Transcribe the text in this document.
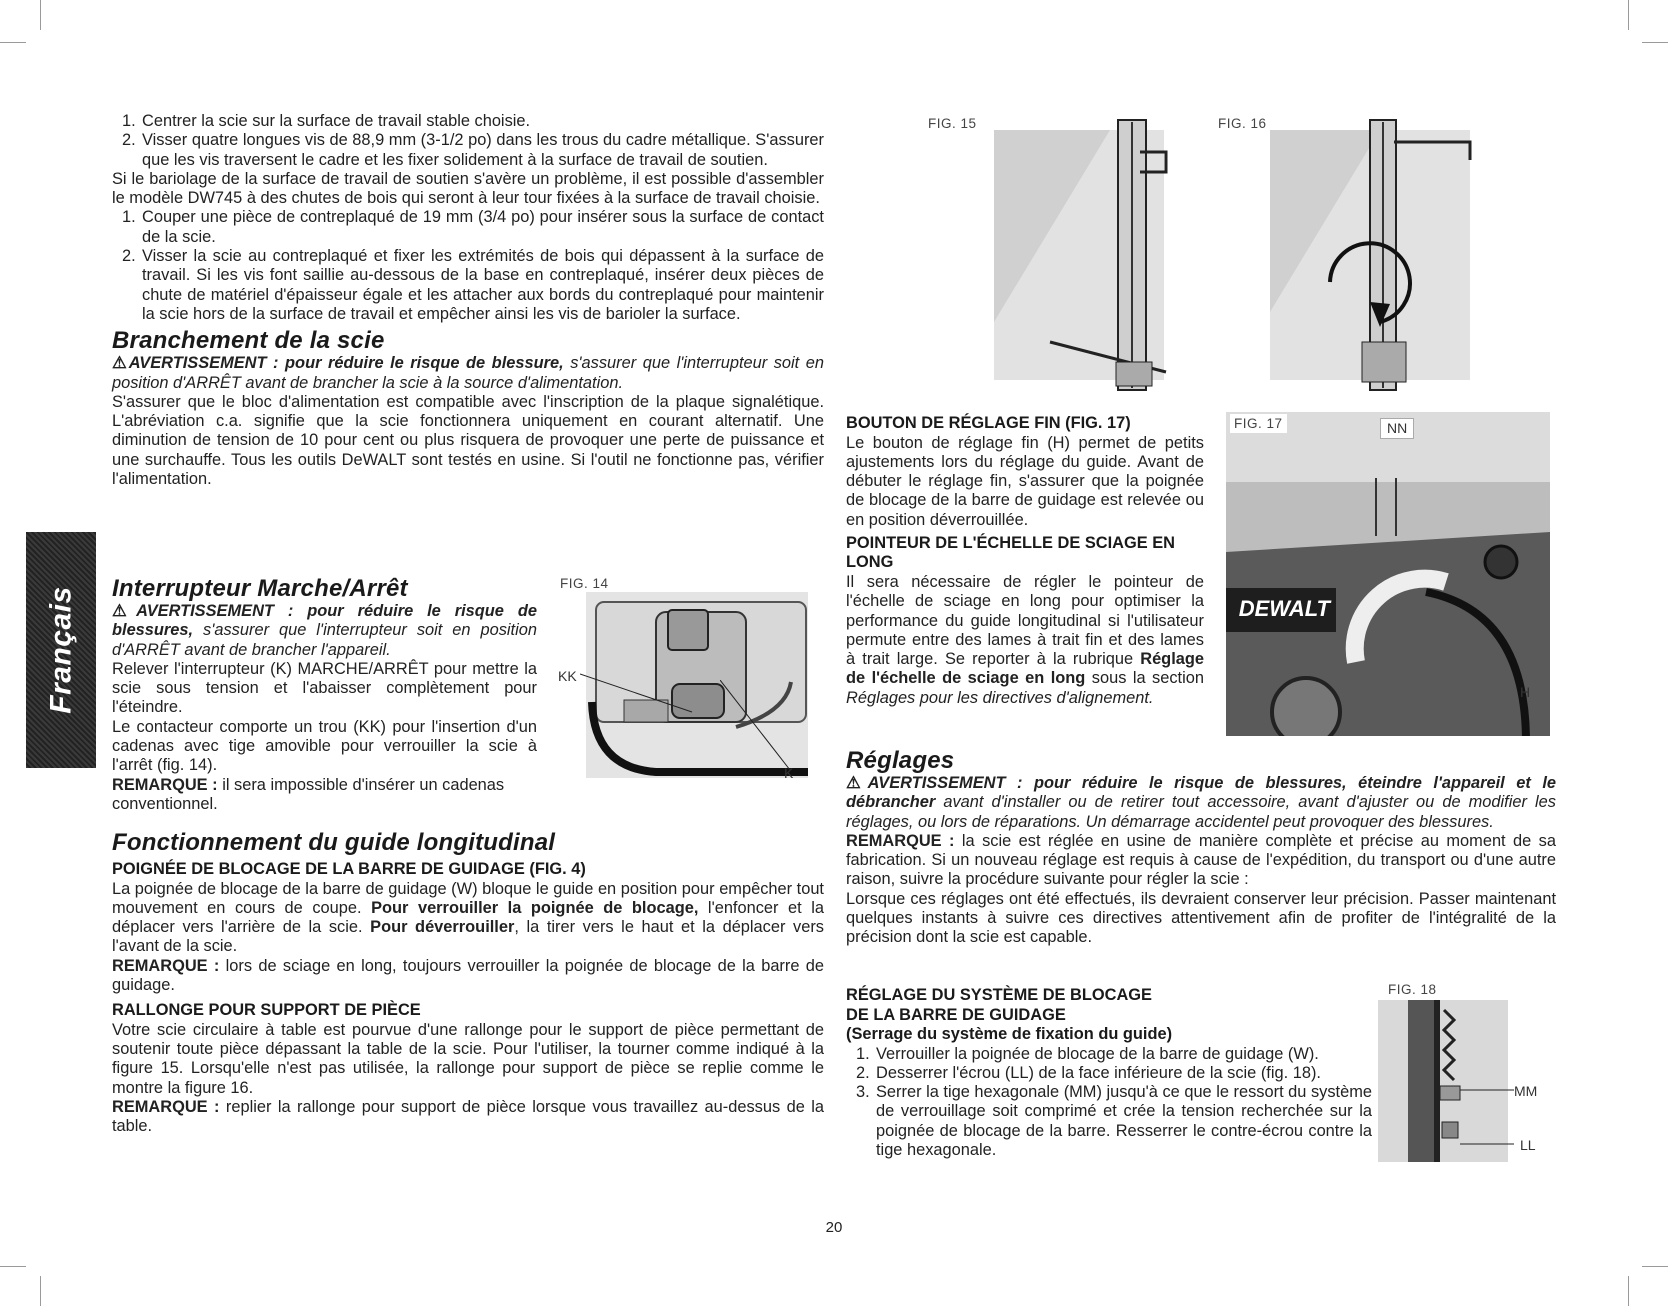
Français
1. Centrer la scie sur la surface de travail stable choisie.
2. Visser quatre longues vis de 88,9 mm (3-1/2 po) dans les trous du cadre métallique. S'assurer que les vis traversent le cadre et les fixer solidement à la surface de travail de soutien.

Si le bariolage de la surface de travail de soutien s'avère un problème, il est possible d'assembler le modèle DW745 à des chutes de bois qui seront à leur tour fixées à la surface de travail choisie.

1. Couper une pièce de contreplaqué de 19 mm (3/4 po) pour insérer sous la surface de contact de la scie.
2. Visser la scie au contreplaqué et fixer les extrémités de bois qui dépassent à la surface de travail. Si les vis font saillie au-dessous de la base en contreplaqué, insérer deux pièces de chute de matériel d'épaisseur égale et les attacher aux bords du contreplaqué pour maintenir la scie hors de la surface de travail et empêcher ainsi les vis de barioler la surface.
Branchement de la scie

⚠AVERTISSEMENT : pour réduire le risque de blessure, s'assurer que l'interrupteur soit en position d'ARRÊT avant de brancher la scie à la source d'alimentation.

S'assurer que le bloc d'alimentation est compatible avec l'inscription de la plaque signalétique. L'abréviation c.a. signifie que la scie fonctionnera uniquement en courant alternatif. Une diminution de tension de 10 pour cent ou plus risquera de provoquer une perte de puissance et une surchauffe. Tous les outils DeWALT sont testés en usine. Si l'outil ne fonctionne pas, vérifier l'alimentation.

Interrupteur Marche/Arrêt

⚠AVERTISSEMENT : pour réduire le risque de blessures, s'assurer que l'interrupteur soit en position d'ARRÊT avant de brancher l'appareil.

Relever l'interrupteur (K) MARCHE/ARRÊT pour mettre la scie sous tension et l'abaisser complètement pour l'éteindre.

Le contacteur comporte un trou (KK) pour l'insertion d'un cadenas avec tige amovible pour verrouiller la scie à l'arrêt (fig. 14).

REMARQUE : il sera impossible d'insérer un cadenas conventionnel.

FIG. 14
KK
K
Fonctionnement du guide longitudinal
POIGNÉE DE BLOCAGE DE LA BARRE DE GUIDAGE (FIG. 4)

La poignée de blocage de la barre de guidage (W) bloque le guide en position pour empêcher tout mouvement en cours de coupe. Pour verrouiller la poignée de blocage, l'enfoncer et la déplacer vers l'arrière de la scie. Pour déverrouiller, la tirer vers le haut et la déplacer vers l'avant de la scie.

REMARQUE : lors de sciage en long, toujours verrouiller la poignée de blocage de la barre de guidage.

RALLONGE POUR SUPPORT DE PIÈCE

Votre scie circulaire à table est pourvue d'une rallonge pour le support de pièce permettant de soutenir toute pièce dépassant la table de la scie. Pour l'utiliser, la tourner comme indiqué à la figure 15. Lorsqu'elle n'est pas utilisée, la rallonge pour support de pièce se replie comme le montre la figure 16.

REMARQUE : replier la rallonge pour support de pièce lorsque vous travaillez au-dessus de la table.

FIG. 15	FIG. 16
BOUTON DE RÉGLAGE FIN (FIG. 17)

Le bouton de réglage fin (H) permet de petits ajustements lors du réglage du guide. Avant de débuter le réglage fin, s'assurer que la poignée de blocage de la barre de guidage est relevée ou en position déverrouillée.

POINTEUR DE L'ÉCHELLE DE SCIAGE EN LONG

Il sera nécessaire de régler le pointeur de l'échelle de sciage en long pour optimiser la performance du guide longitudinal si l'utilisateur permute entre des lames à trait fin et des lames à trait large. Se reporter à la rubrique Réglage de l'échelle de sciage en long sous la section Réglages pour les directives d'alignement.

DEWALT
FIG. 17	NN
H
Réglages

⚠AVERTISSEMENT : pour réduire le risque de blessures, éteindre l'appareil et le débrancher avant d'installer ou de retirer tout accessoire, avant d'ajuster ou de modifier les réglages, ou lors de réparations. Un démarrage accidentel peut provoquer des blessures.

REMARQUE : la scie est réglée en usine de manière complète et précise au moment de sa fabrication. Si un nouveau réglage est requis à cause de l'expédition, du transport ou d'une autre raison, suivre la procédure suivante pour régler la scie :

Lorsque ces réglages ont été effectués, ils devraient conserver leur précision. Passer maintenant quelques instants à suivre ces directives attentivement afin de profiter de l'intégralité de la précision dont la scie est capable.

RÉGLAGE DU SYSTÈME DE BLOCAGE
DE LA BARRE DE GUIDAGE
(Serrage du système de fixation du guide)
1. Verrouiller la poignée de blocage de la barre de guidage (W).
2. Desserrer l'écrou (LL) de la face inférieure de la scie (fig. 18).
3. Serrer la tige hexagonale (MM) jusqu'à ce que le ressort du système de verrouillage soit comprimé et crée la tension recherchée sur la poignée de blocage de la barre. Resserrer le contre-écrou contre la tige hexagonale.
FIG. 18
MM
LL
20
